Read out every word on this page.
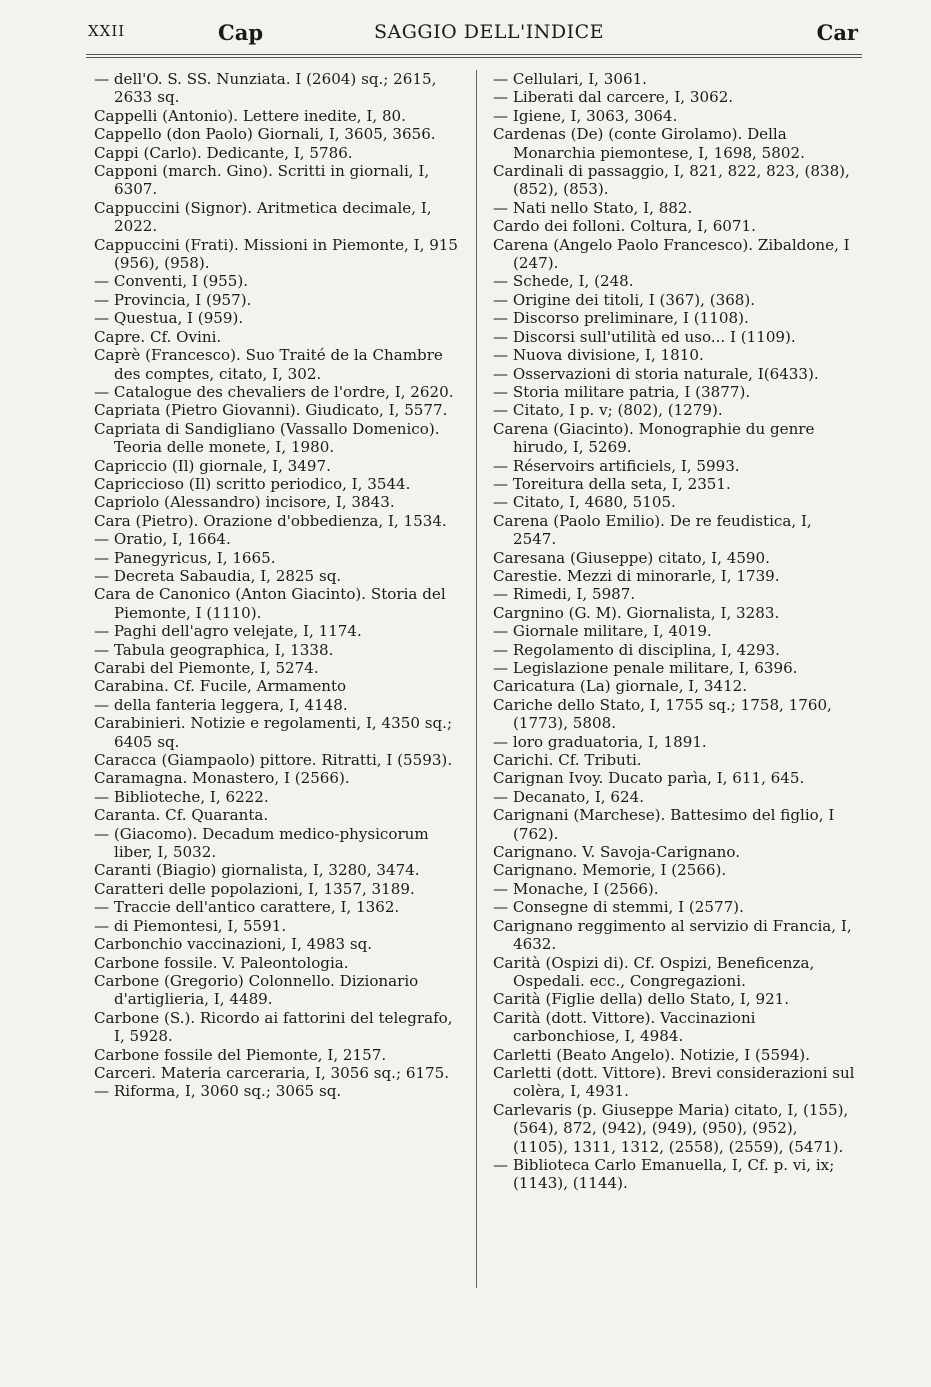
XXII	Cap	SAGGIO DELL'INDICE	Car

— dell'O. S. SS. Nunziata. I (2604) sq.; 2615, 2633 sq.

Cappelli (Antonio). Lettere inedite, I, 80.

Cappello (don Paolo) Giornali, I, 3605, 3656.

Cappi (Carlo). Dedicante, I, 5786.

Capponi (march. Gino). Scritti in giornali, I, 6307.

Cappuccini (Signor). Aritmetica decimale, I, 2022.

Cappuccini (Frati). Missioni in Piemonte, I, 915 (956), (958).

— Conventi, I (955).

— Provincia, I (957).

— Questua, I (959).

Capre. Cf. Ovini.

Caprè (Francesco). Suo Traité de la Chambre des comptes, citato, I, 302.

— Catalogue des chevaliers de l'ordre, I, 2620.

Capriata (Pietro Giovanni). Giudicato, I, 5577.

Capriata di Sandigliano (Vassallo Domenico). Teoria delle monete, I, 1980.

Capriccio (Il) giornale, I, 3497.

Capriccioso (Il) scritto periodico, I, 3544.

Capriolo (Alessandro) incisore, I, 3843.

Cara (Pietro). Orazione d'obbedienza, I, 1534.

— Oratio, I, 1664.

— Panegyricus, I, 1665.

— Decreta Sabaudia, I, 2825 sq.

Cara de Canonico (Anton Giacinto). Storia del Piemonte, I (1110).

— Paghi dell'agro velejate, I, 1174.

— Tabula geographica, I, 1338.

Carabi del Piemonte, I, 5274.

Carabina. Cf. Fucile, Armamento

— della fanteria leggera, I, 4148.

Carabinieri. Notizie e regolamenti, I, 4350 sq.; 6405 sq.

Caracca (Giampaolo) pittore. Ritratti, I (5593).

Caramagna. Monastero, I (2566).

— Biblioteche, I, 6222.

Caranta. Cf. Quaranta.

— (Giacomo). Decadum medico-physicorum liber, I, 5032.

Caranti (Biagio) giornalista, I, 3280, 3474.

Caratteri delle popolazioni, I, 1357, 3189.

— Traccie dell'antico carattere, I, 1362.

— di Piemontesi, I, 5591.

Carbonchio vaccinazioni, I, 4983 sq.

Carbone fossile. V. Paleontologia.

Carbone (Gregorio) Colonnello. Dizionario d'artiglieria, I, 4489.

Carbone (S.). Ricordo ai fattorini del telegrafo, I, 5928.

Carbone fossile del Piemonte, I, 2157.

Carceri. Materia carceraria, I, 3056 sq.; 6175.

— Riforma, I, 3060 sq.; 3065 sq.

— Cellulari, I, 3061.

— Liberati dal carcere, I, 3062.

— Igiene, I, 3063, 3064.

Cardenas (De) (conte Girolamo). Della Monarchia piemontese, I, 1698, 5802.

Cardinali di passaggio, I, 821, 822, 823, (838), (852), (853).

— Nati nello Stato, I, 882.

Cardo dei folloni. Coltura, I, 6071.

Carena (Angelo Paolo Francesco). Zibaldone, I (247).

— Schede, I, (248.

— Origine dei titoli, I (367), (368).

— Discorso preliminare, I (1108).

— Discorsi sull'utilità ed uso... I (1109).

— Nuova divisione, I, 1810.

— Osservazioni di storia naturale, I(6433).

— Storia militare patria, I (3877).

— Citato, I p. v; (802), (1279).

Carena (Giacinto). Monographie du genre hirudo, I, 5269.

— Réservoirs artificiels, I, 5993.

— Toreitura della seta, I, 2351.

— Citato, I, 4680, 5105.

Carena (Paolo Emilio). De re feudistica, I, 2547.

Caresana (Giuseppe) citato, I, 4590.

Carestie. Mezzi di minorarle, I, 1739.

— Rimedi, I, 5987.

Cargnino (G. M). Giornalista, I, 3283.

— Giornale militare, I, 4019.

— Regolamento di disciplina, I, 4293.

— Legislazione penale militare, I, 6396.

Caricatura (La) giornale, I, 3412.

Cariche dello Stato, I, 1755 sq.; 1758, 1760, (1773), 5808.

— loro graduatoria, I, 1891.

Carichi. Cf. Tributi.

Carignan Ivoy. Ducato parìa, I, 611, 645.

— Decanato, I, 624.

Carignani (Marchese). Battesimo del figlio, I (762).

Carignano. V. Savoja-Carignano.

Carignano. Memorie, I (2566).

— Monache, I (2566).

— Consegne di stemmi, I (2577).

Carignano reggimento al servizio di Francia, I, 4632.

Carità (Ospizi di). Cf. Ospizi, Beneficenza, Ospedali. ecc., Congregazioni.

Carità (Figlie della) dello Stato, I, 921.

Carità (dott. Vittore). Vaccinazioni carbonchiose, I, 4984.

Carletti (Beato Angelo). Notizie, I (5594).

Carletti (dott. Vittore). Brevi considerazioni sul colèra, I, 4931.

Carlevaris (p. Giuseppe Maria) citato, I, (155), (564), 872, (942), (949), (950), (952), (1105), 1311, 1312, (2558), (2559), (5471).

— Biblioteca Carlo Emanuella, I, Cf. p. vi, ix; (1143), (1144).
